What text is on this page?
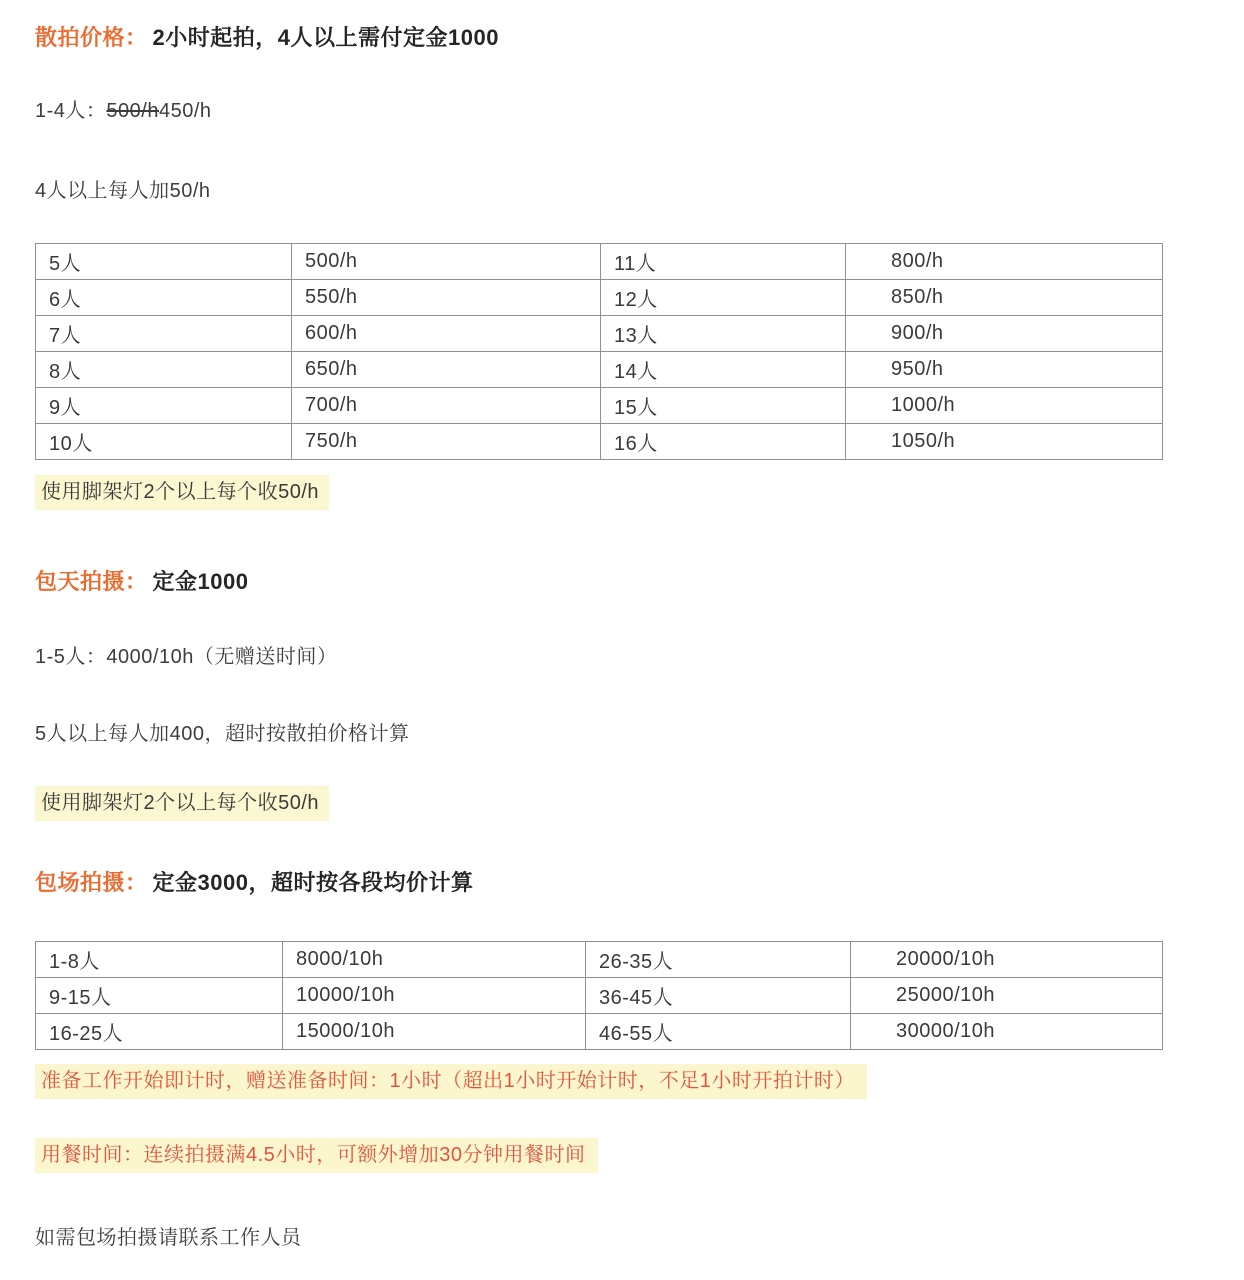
散拍价格： 2小时起拍，4人以上需付定金1000
1-4人：500/h450/h
4人以上每人加50/h
5人	500/h	11人	800/h
6人	550/h	12人	850/h
7人	600/h	13人	900/h
8人	650/h	14人	950/h
9人	700/h	15人	1000/h
10人	750/h	16人	1050/h
使用脚架灯2个以上每个收50/h
包天拍摄： 定金1000
1-5人：4000/10h（无赠送时间）
5人以上每人加400，超时按散拍价格计算
使用脚架灯2个以上每个收50/h
包场拍摄： 定金3000，超时按各段均价计算
1-8人	8000/10h	26-35人	20000/10h
9-15人	10000/10h	36-45人	25000/10h
16-25人	15000/10h	46-55人	30000/10h
准备工作开始即计时，赠送准备时间：1小时（超出1小时开始计时，不足1小时开拍计时）
用餐时间：连续拍摄满4.5小时，可额外增加30分钟用餐时间
如需包场拍摄请联系工作人员
